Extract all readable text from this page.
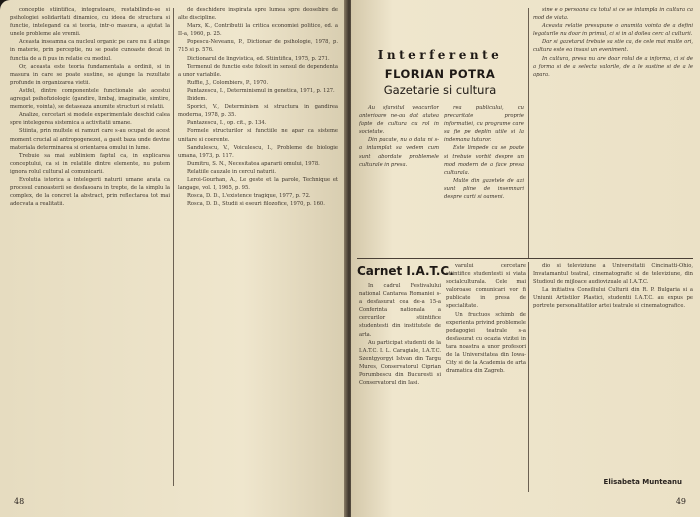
conceptie stiintifica, integratoare, restabilindu-se si psihologiei solidaritati dinamice, cu ideea de structura si functie, intelegand ca si teoria, intr-o masura, a ajutat la unele probleme ale vremii.

Aceasta inseamna ca nucleul organic pe care nu il atinge in materie, prin perceptie, nu se poate cunoaste decat in functia de a fi pus in relatie cu mediul.

Or, aceasta este teoria fundamentala a ordinii, si in masura in care se poate sustine, se ajunge la rezultate profunde in organizarea vietii.

Astfel, dintre componentele functionale ale acestui agregat psihofiziologic (gandire, limbaj, imaginatie, simtire, memorie, vointa), se detaseaza anumite structuri si relatii.

Analize, cercetari si modele experimentale deschid calea spre intelegerea sistemica a activitatii umane.

Stiinta, prin multele ei ramuri care s-au ocupat de acest moment crucial al antropogenezei, a gasit baza unde devine materiala determinarea si orientarea omului in lume.

Trebuie sa mai subliniem faptul ca, in explicarea conceptului, ca si in relatiile dintre elemente, nu putem ignora rolul cultural al comunicarii.

Evolutia istorica a intelegerii naturii umane arata ca procesul cunoasterii se desfasoara in trepte, de la simplu la complex, de la concret la abstract, prin reflectarea tot mai adecvata a realitatii.

de deschidere inspirata spre lumea spre deosebire de alte discipline.

Marx, K., Contributii la critica economiei politice, ed. a II-a, 1960, p. 25.

Popescu-Neveanu, P., Dictionar de psihologie, 1978, p. 715 si p. 576.

Dictionarul de lingvistica, ed. Stiintifica, 1975, p. 271.

Termenul de functie este folosit in sensul de dependenta a unor variabile.

Ruffie, J., Colombiers, P., 1970.

Pantazescu, I., Determinismul in genetica, 1971, p. 127.

Ibidem.

Sporici, V., Determinism si structura in gandirea moderna, 1978, p. 35.

Pantazescu, I., op. cit., p. 134.

Formele structurilor si functiile ne apar ca sisteme unitare si coerente.

Sandulescu, V., Voiculescu, I., Probleme de biologie umana, 1973, p. 117.

Dumitru, S. N., Necesitatea apararii omului, 1978.

Relatiile cauzale in cercul naturii.

Leroi-Gourhan, A., Le geste et la parole, Technique et langage, vol. I, 1965, p. 95.

Rosca, D. D., L'existence tragique, 1977, p. 72.

Rosca, D. D., Studii si eseuri filozofice, 1970, p. 160.

48
Interferente
FLORIAN POTRA
Gazetarie si cultura

Au sfarsitul veacurilor anterioare ne-au dat atatea fapte de cultura cu rol in societate.

Din pacate, nu o data ni s-a intamplat sa vedem cum sunt abordate problemele culturale in presa.

rea publicului, cu precaritate proprie informatiei, cu programe care sa fie pe deplin utile si la indemana tuturor.

Este limpede ca se poate si trebuie vorbit despre un mod modern de a face presa culturala.

Multe din gazetele de azi sunt pline de insemnari despre carti si oameni.

sine e o persoana cu totul si ce se intampla in cultura ca mod de viata.

Aceasta relatie presupune o anumita vointa de a defini legaturile nu doar in primul, ci si in al doilea cerc al culturii.

Dar si gazetarul trebuie sa stie ca, de cele mai multe ori, cultura este ea insasi un eveniment.

In cultura, presa nu are doar rolul de a informa, ci si de a forma si de a selecta valorile, de a le sustine si de a le apara.

Carnet I.A.T.C.

In cadrul Festivalului national Cantarea Romaniei s-a desfasurat cea de-a 15-a Conferinta nationala a cercurilor stiintifice studentesti din institutele de arta.

Au participat studenti de la I.A.T.C. I. L. Caragiale, I.A.T.C. Szentgyorgyi Istvan din Targu Mures, Conservatorul Ciprian Porumbescu din Bucuresti si Conservatorul din Iasi.

varului cercetare stiintifice studentesti si viata socialculturala. Cele mai valoroase comunicari vor fi publicate in presa de specialitate.

Un fructuos schimb de experienta privind problemele pedagogiei teatrale s-a desfasurat cu ocazia vizitei in tara noastra a unor profesori de la Universitatea din Iowa-City si de la Academia de arta dramatica din Zagreb.

dio si televiziune a Universitatii Cincinatti-Ohio, Invatamantul teatral, cinematografic si de televiziune, din Studioul de mijloace audiovizuale al I.A.T.C.

La initiativa Consiliului Culturii din R. P. Bulgaria si a Uniunii Artistilor Plastici, studentii I.A.T.C. au expus pe portrete personalitatilor artei teatrale si cinematografice.

Elisabeta Munteanu
49
